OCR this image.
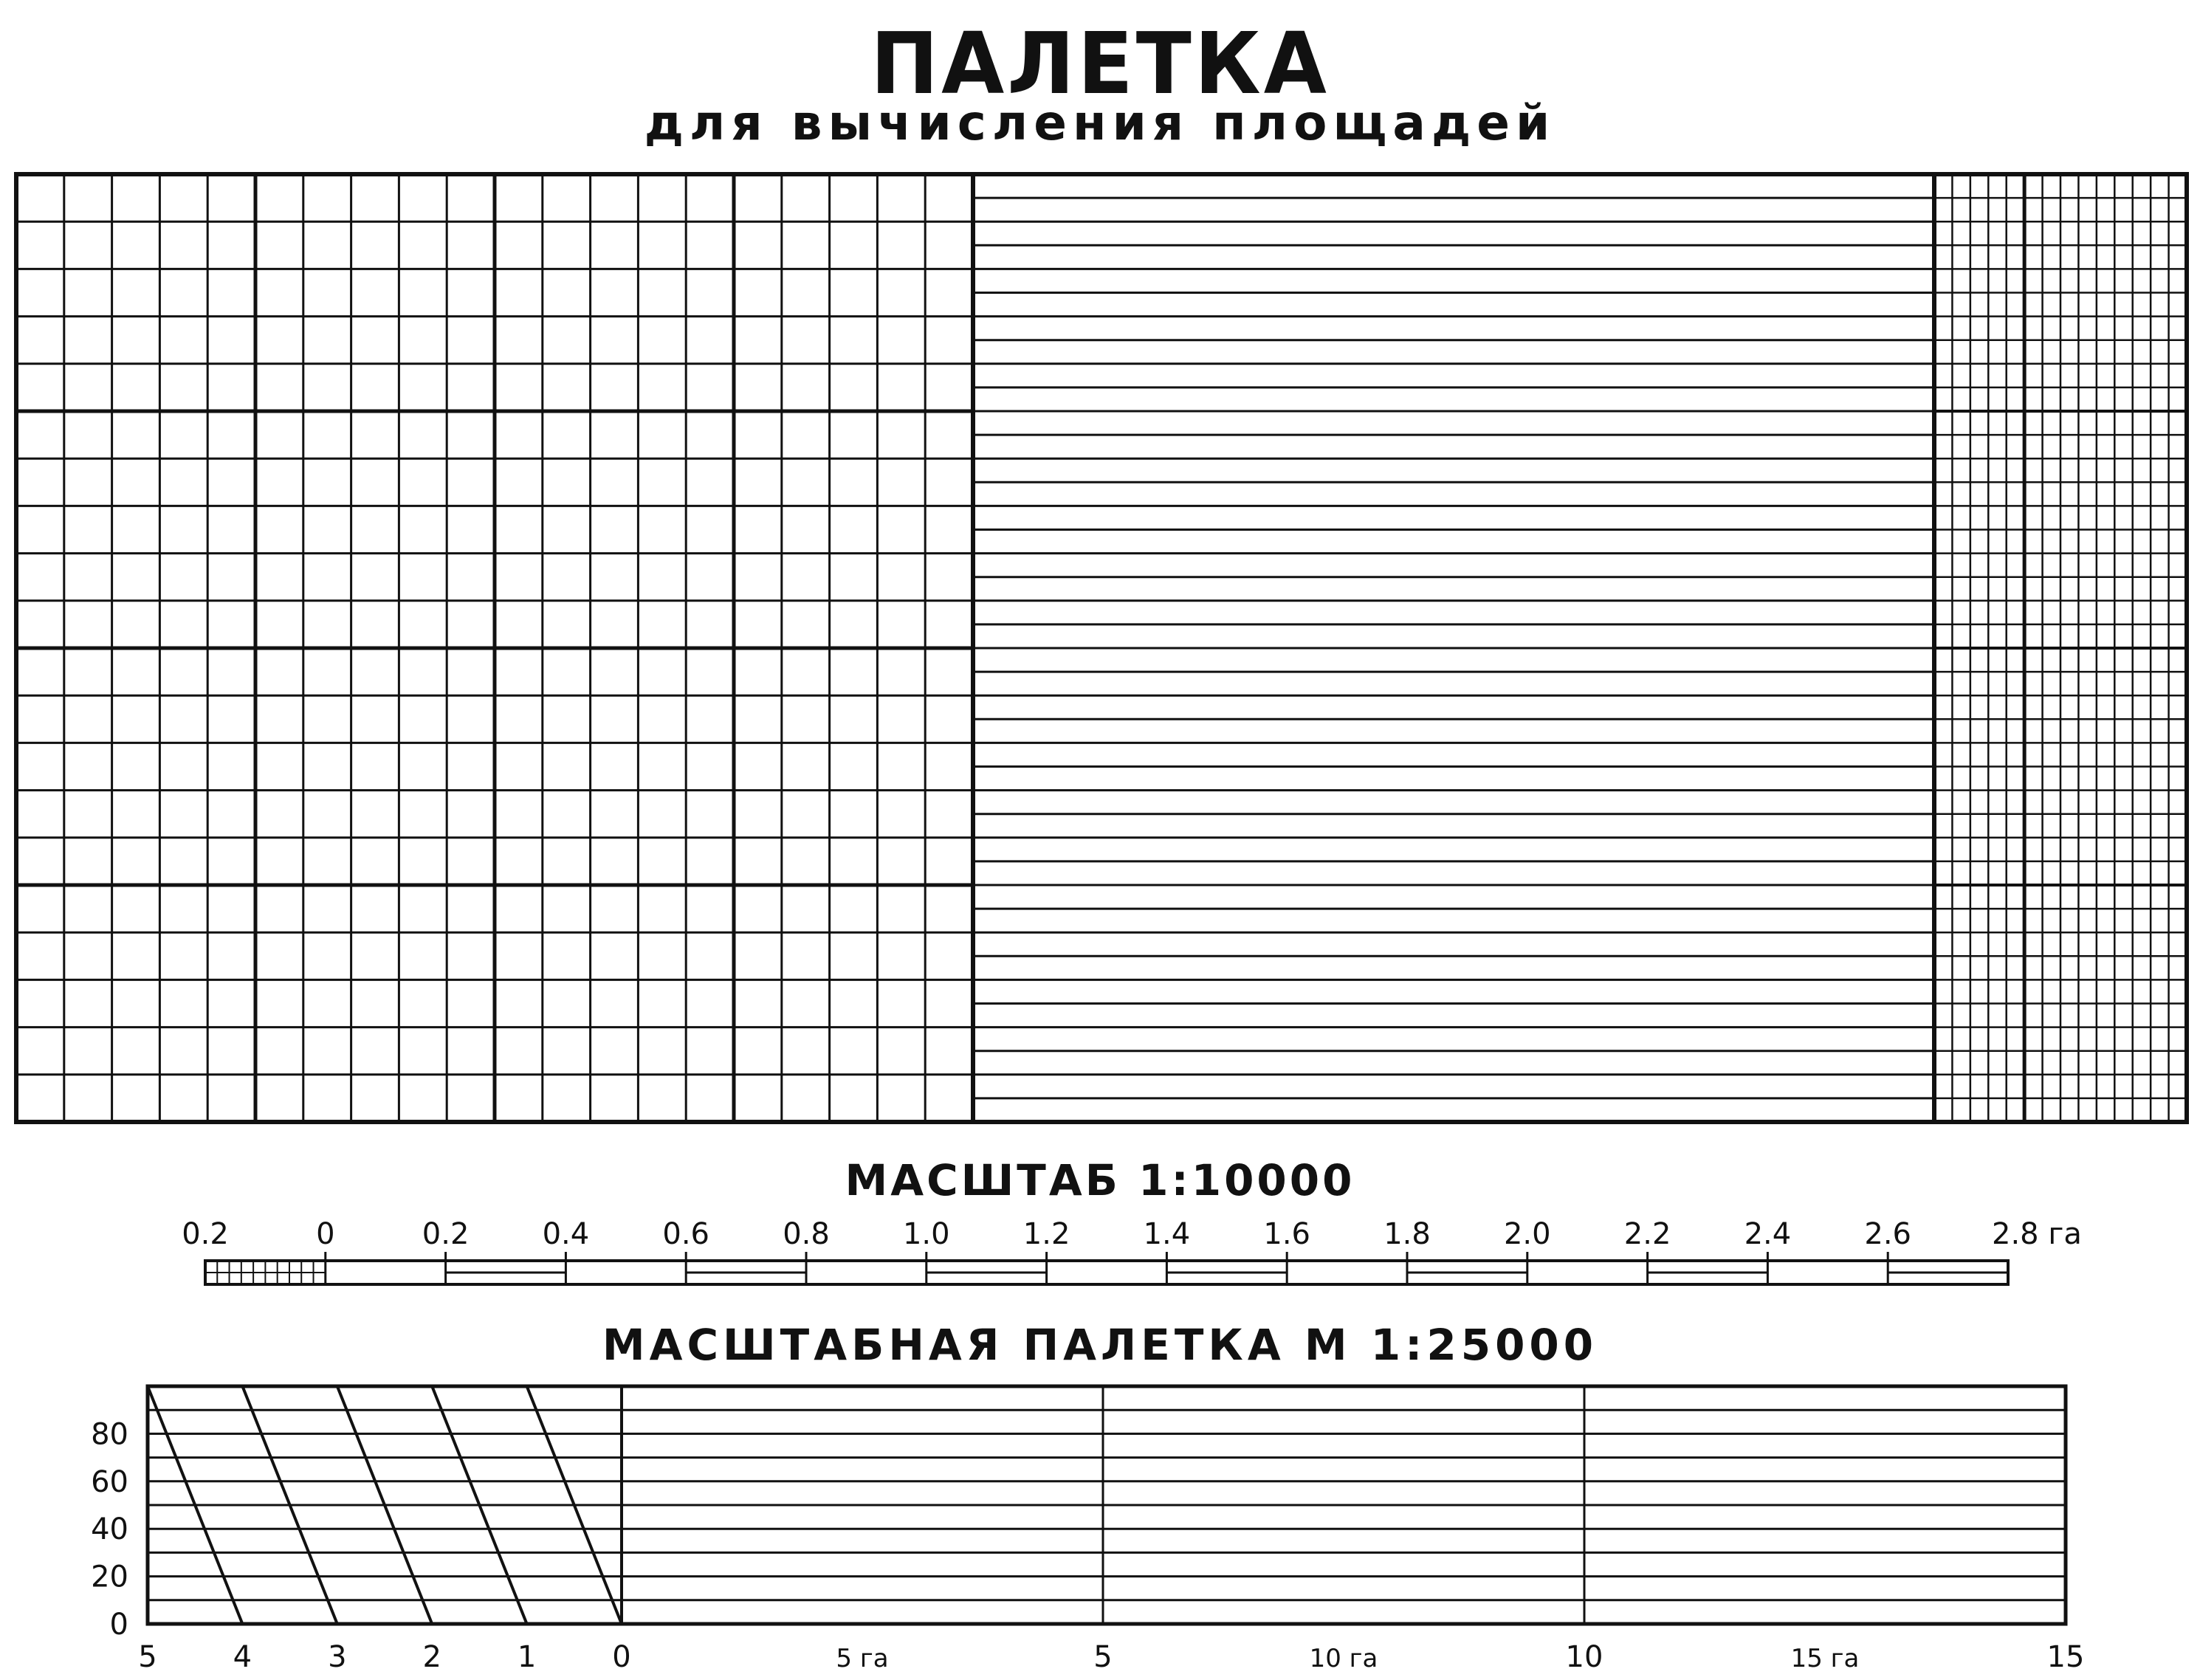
ПАЛЕТКА
для вычисления площадей
МАСШТАБ 1:10000
0.2	0	0.2 0.4 0.6 0.8 1.0 1.2 1.4 1.6 1.8 2.0 2.2 2.4 2.6	2.8 га
МАСШТАБНАЯ ПАЛЕТКА М 1:25000
0
20
40
60
80
5	4	3	2	1	0	5 га	5	10 га	10	15 га	15
